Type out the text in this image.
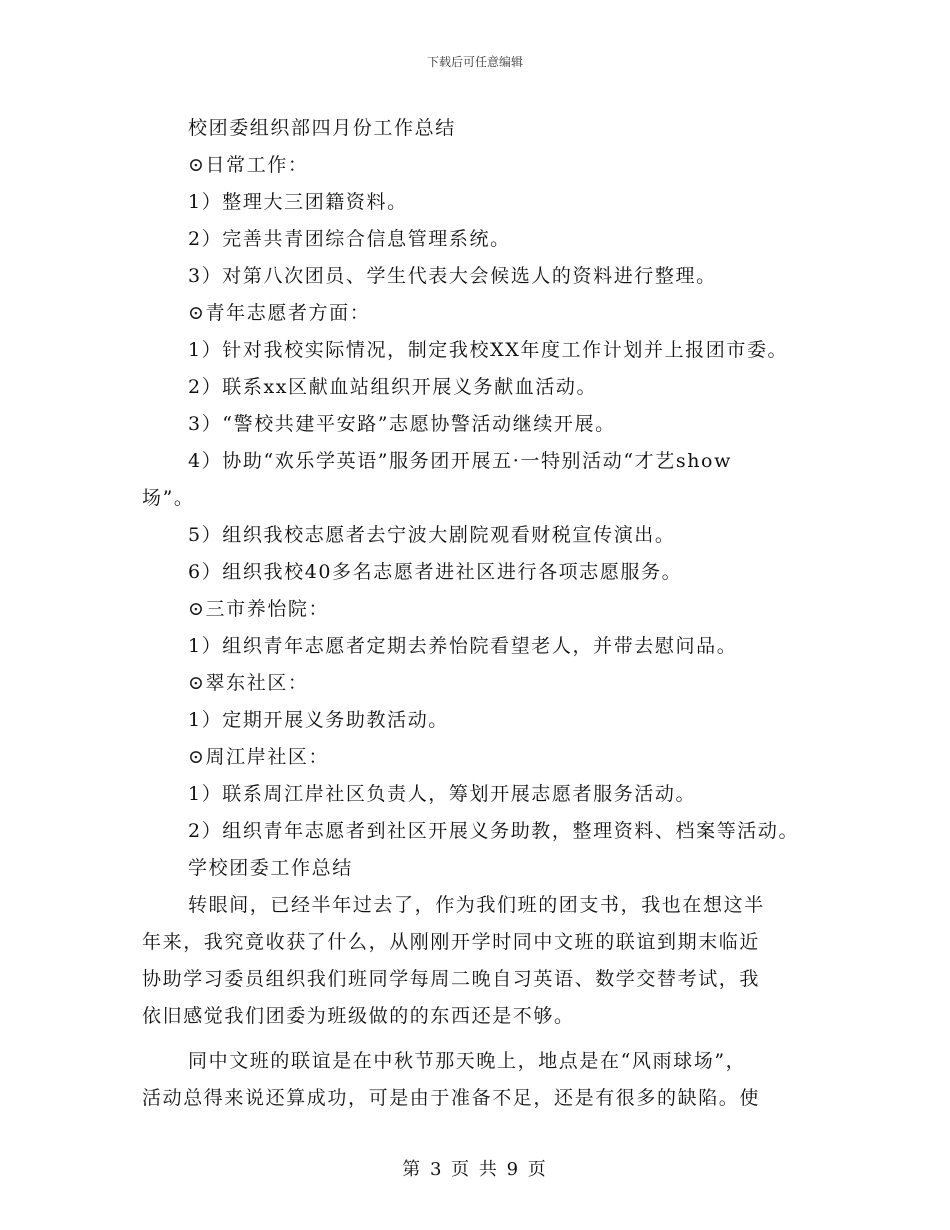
下载后可任意编辑
校团委组织部四月份工作总结
⊙日常工作：
1）整理大三团籍资料。
2）完善共青团综合信息管理系统。
3）对第八次团员、学生代表大会候选人的资料进行整理。
⊙青年志愿者方面：
1）针对我校实际情况，制定我校XX年度工作计划并上报团市委。
2）联系xx区献血站组织开展义务献血活动。
3）“警校共建平安路”志愿协警活动继续开展。
4）协助“欢乐学英语”服务团开展五·一特别活动“才艺show
场”。
5）组织我校志愿者去宁波大剧院观看财税宣传演出。
6）组织我校40多名志愿者进社区进行各项志愿服务。
⊙三市养怡院：
1）组织青年志愿者定期去养怡院看望老人，并带去慰问品。
⊙翠东社区：
1）定期开展义务助教活动。
⊙周江岸社区：
1）联系周江岸社区负责人，筹划开展志愿者服务活动。
2）组织青年志愿者到社区开展义务助教，整理资料、档案等活动。
学校团委工作总结
转眼间，已经半年过去了，作为我们班的团支书，我也在想这半
年来，我究竟收获了什么，从刚刚开学时同中文班的联谊到期末临近
协助学习委员组织我们班同学每周二晚自习英语、数学交替考试，我
依旧感觉我们团委为班级做的的东西还是不够。
同中文班的联谊是在中秋节那天晚上，地点是在“风雨球场”，
活动总得来说还算成功，可是由于准备不足，还是有很多的缺陷。使
第 3 页 共 9 页
